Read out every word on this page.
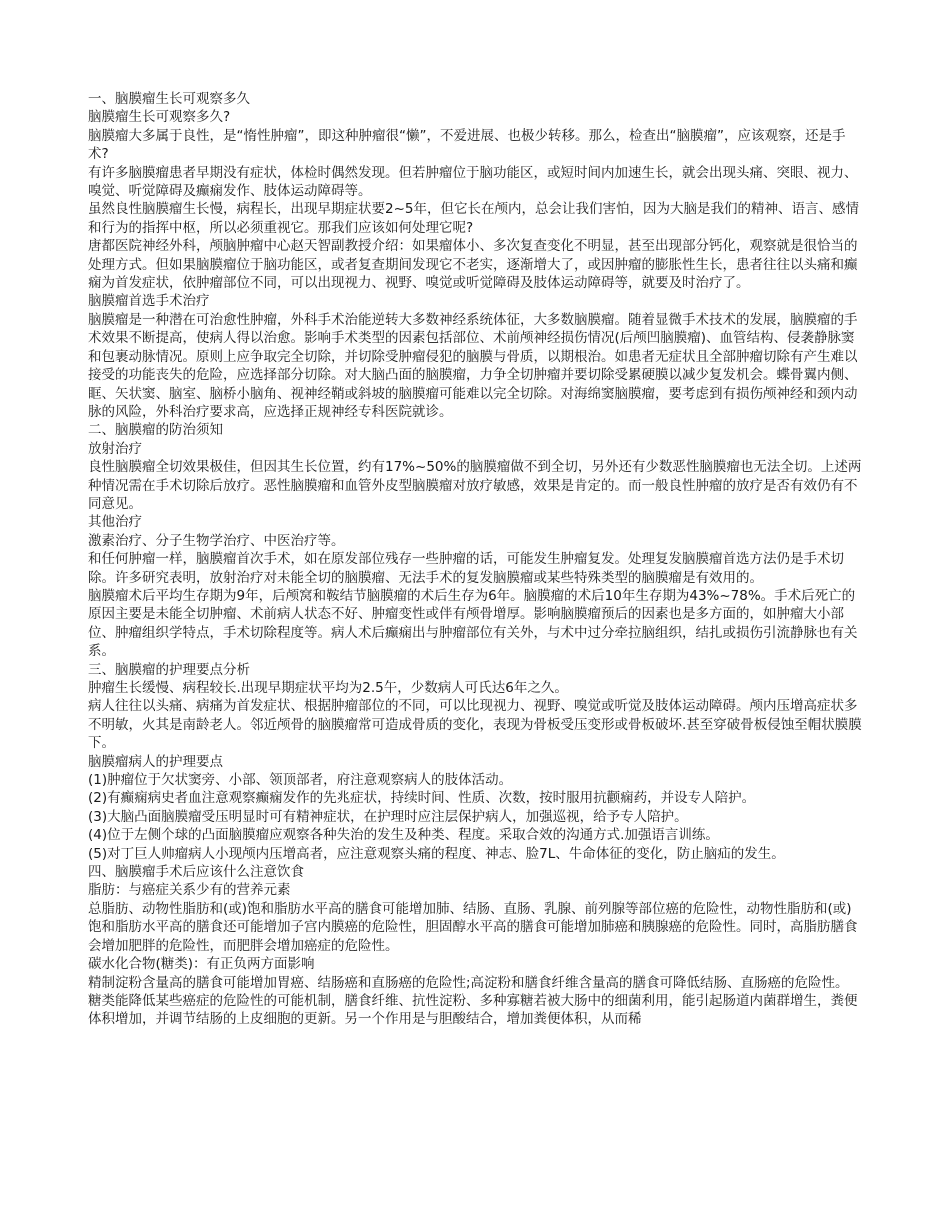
一、脑膜瘤生长可观察多久
脑膜瘤生长可观察多久?
脑膜瘤大多属于良性，是“惰性肿瘤”，即这种肿瘤很“懒”，不爱进展、也极少转移。那么，检查出“脑膜瘤”，应该观察，还是手术?
有许多脑膜瘤患者早期没有症状，体检时偶然发现。但若肿瘤位于脑功能区，或短时间内加速生长，就会出现头痛、突眼、视力、嗅觉、听觉障碍及癫痫发作、肢体运动障碍等。
虽然良性脑膜瘤生长慢，病程长，出现早期症状要2~5年，但它长在颅内，总会让我们害怕，因为大脑是我们的精神、语言、感情和行为的指挥中枢，所以必须重视它。那我们应该如何处理它呢?
唐都医院神经外科，颅脑肿瘤中心赵天智副教授介绍：如果瘤体小、多次复查变化不明显，甚至出现部分钙化，观察就是很恰当的处理方式。但如果脑膜瘤位于脑功能区，或者复查期间发现它不老实，逐渐增大了，或因肿瘤的膨胀性生长，患者往往以头痛和癫痫为首发症状，依肿瘤部位不同，可以出现视力、视野、嗅觉或听觉障碍及肢体运动障碍等，就要及时治疗了。
脑膜瘤首选手术治疗
脑膜瘤是一种潜在可治愈性肿瘤，外科手术治能逆转大多数神经系统体征，大多数脑膜瘤。随着显微手术技术的发展，脑膜瘤的手术效果不断提高，使病人得以治愈。影响手术类型的因素包括部位、术前颅神经损伤情况(后颅凹脑膜瘤)、血管结构、侵袭静脉窦和包裹动脉情况。原则上应争取完全切除，并切除受肿瘤侵犯的脑膜与骨质，以期根治。如患者无症状且全部肿瘤切除有产生难以接受的功能丧失的危险，应选择部分切除。对大脑凸面的脑膜瘤，力争全切肿瘤并要切除受累硬膜以减少复发机会。蝶骨翼内侧、眶、矢状窦、脑室、脑桥小脑角、视神经鞘或斜坡的脑膜瘤可能难以完全切除。对海绵窦脑膜瘤，要考虑到有损伤颅神经和颈内动脉的风险，外科治疗要求高，应选择正规神经专科医院就诊。
二、脑膜瘤的防治须知
放射治疗
良性脑膜瘤全切效果极佳，但因其生长位置，约有17%~50%的脑膜瘤做不到全切，另外还有少数恶性脑膜瘤也无法全切。上述两种情况需在手术切除后放疗。恶性脑膜瘤和血管外皮型脑膜瘤对放疗敏感，效果是肯定的。而一般良性肿瘤的放疗是否有效仍有不同意见。
其他治疗
激素治疗、分子生物学治疗、中医治疗等。
和任何肿瘤一样，脑膜瘤首次手术，如在原发部位残存一些肿瘤的话，可能发生肿瘤复发。处理复发脑膜瘤首选方法仍是手术切除。许多研究表明，放射治疗对未能全切的脑膜瘤、无法手术的复发脑膜瘤或某些特殊类型的脑膜瘤是有效用的。
脑膜瘤术后平均生存期为9年，后颅窝和鞍结节脑膜瘤的术后生存为6年。脑膜瘤的术后10年生存期为43%~78%。手术后死亡的原因主要是未能全切肿瘤、术前病人状态不好、肿瘤变性或伴有颅骨增厚。影响脑膜瘤预后的因素也是多方面的，如肿瘤大小部位、肿瘤组织学特点，手术切除程度等。病人术后癫痫出与肿瘤部位有关外，与术中过分牵拉脑组织，结扎或损伤引流静脉也有关系。
三、脑膜瘤的护理要点分析
肿瘤生长缓慢、病程较长.出现早期症状平均为2.5午，少数病人可氏达6年之久。
病人往往以头痛、病痛为首发症状、根据肿瘤部位的不同，可以比现视力、视野、嗅觉或听觉及肢体运动障碍。颅内压增高症状多不明敏，火其是南龄老人。邻近颅骨的脑膜瘤常可造成骨质的变化，表现为骨板受压变形或骨板破坏.甚至穿破骨板侵蚀至帽状膜膜下。
脑膜瘤病人的护理要点
(1)肿瘤位于欠状窦旁、小部、领顶部者，府注意观察病人的肢体活动。
(2)有癫痫病史者血注意观察癫痫发作的先兆症状，持续时间、性质、次数，按时服用抗颧痫药，并设专人陪护。
(3)大脑凸面脑膜瘤受压明显时可有精神症状，在护理时应注层保护病人，加强巡视，给予专人陪护。
(4)位于左侧个球的凸面脑膜瘤应观察各种失治的发生及种类、程度。采取合效的沟通方式.加强语言训练。
(5)对丁巨人帅瘤病人小现颅内压增高者，应注意观察头痛的程度、神志、脸7L、牛命体征的变化，防止脑疝的发生。
四、脑膜瘤手术后应该什么注意饮食
脂肪：与癌症关系少有的营养元素
总脂肪、动物性脂肪和(或)饱和脂肪水平高的膳食可能增加肺、结肠、直肠、乳腺、前列腺等部位癌的危险性，动物性脂肪和(或)饱和脂肪水平高的膳食还可能增加子宫内膜癌的危险性，胆固醇水平高的膳食可能增加肺癌和胰腺癌的危险性。同时，高脂肪膳食会增加肥胖的危险性，而肥胖会增加癌症的危险性。
碳水化合物(糖类)：有正负两方面影响
精制淀粉含量高的膳食可能增加胃癌、结肠癌和直肠癌的危险性;高淀粉和膳食纤维含量高的膳食可降低结肠、直肠癌的危险性。
糖类能降低某些癌症的危险性的可能机制，膳食纤维、抗性淀粉、多种寡糖若被大肠中的细菌利用，能引起肠道内菌群增生，粪便体积增加，并调节结肠的上皮细胞的更新。另一个作用是与胆酸结合，增加粪便体积，从而稀
